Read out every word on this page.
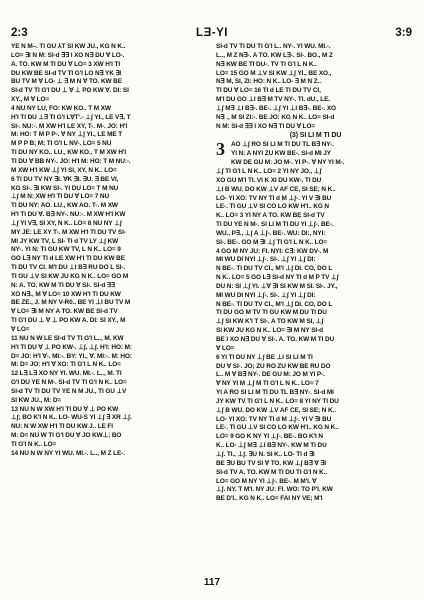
2:3	LƎ-YI	3:9
YE N M–. TI GU ⅄T SI KW JU., KG N K..
LO= ∃I N M: SI-d ∃∃ I XO N∃ DU ∀ LO-.
A. TO. KW M TI DU ∀ LO= 3 XW H'I TI
DU KW BE SI-d TV TI G'I LO N∃ YK ∃I
BU TV M ∀ LO- ⊥ ∃ M N ∀ TO. KW BE
SI-d TV TI G'I DU ⊥ ∀ ⊥ PO KW ∀. DI: SI
XY., M ∀ LO=
4 NU NY LU, FO: KW KO.. T M XW
H'I TI DU ⊥∃ TI G'I L∀T'.- ⊥ʃ YI., LE V∃, T
SI-. NU:-. M XW H'I LE XY, T-. M-. JO: H'I
M: HO: T M P P-. ∀ NY ⊥ʃ YI., LE ME T
M P P B; M; TI G'I L NV-. LO= 5 NU
TI DU NY KO.. LU., KW KO.. T M XW H'I
TI DU ∀ BB NY-. JO: H'I M: HO: T M NU:-.
M XW H'I KW ⊥ʃ YI SI, XY, N K.. LO=
6 TI DU TV NY ∃I. ∀K ∃I. ∃U. ∃ BE VI,
KG SI-. ∃I KW SI-. YI DU LO= T M NU
⊥ʃ M N: XW H'I TI DU ∀ LO= 7 NU
TI DU NY: AO. LU., KW AO. T-. M XW
H'I TI DU ∀. B∃ NY-. NU:-. M XW H'I KW
⊥ʃ YI V∃, SI XY, N K.. LO= 8 NU NY ⊥ʃ
MY JE: LE XY T-. M XW H'I TI DU TV SI-
MI JY KW TV, L SI- TI d TV LY ⊥ʃ KW
NY-. YI N: TI GU KW TV, L N K.. LO= 9
GO L∃ NY TI d LE XW H'I TI DU KW BE
TI DU TV CI. M'I DU ⊥I B∃ RU DO L SI-.
TI GU ⊥V SI KW JU KG N K.. LO= GO M
N: A. TO. KW M TI DU ∀ SI-. SI-d ∃∃
XO N∃., M ∀ LO= 10 XW H'I TI DU KW
BE ZE., J. M NY V-R0.. BE YI ⊥I BU TV M
∀ LO= ∃I M NY A TO. KW BE SI-d TV
TI G'I DU ⊥ ∀ ⊥ PO KW A. DI: SI XY., M
∀ LO=
11 NU N W LE SI-d TV TI G'I L.., M. KW
H'I TI DU ∀ ⊥ PO KW-. ⊥ʃ, ⊥ʃ. H'I: HO: M:
D= JO: H'I ∀-. MI:-. BY: YI., ∀. MI:-. M: HO:
M: D= JO: H'I ∀ XO: TI G'I L N K.. LO=
12 L∃ L∃ XO NY YI. WU. MI.-. L.., M. TI
G'I DU YE N M-. SI-d TV TI G'I N K.. LO=
SI-d TV TI DU TV YE N M JU., TI GU ⊥V
SI KW JU., M: D=
13 NU N W XW H'I TI DU ∀ ⊥ PO KW
⊥ʃ; BO K'I N K.. LO- WU-S YI ⊥ʃ ∃ XR ⊥ʃ.
NU: N W XW H'I TI DU KW J.. LE FI
M: D= NU W TI G'I DU ∀ JO KW⊥; BO
TI G'I N K.. LO=
14 NU N W NY YI WU. MI.-. L.., M Z LE-.
SI-d TV TI DU TI G'I L.. NY-. YI WU. MI.-.
L.., M Z N∃-. A TO. KW L∃-. SI-. BO., M Z
N∃ KW BE TI DU-. TV TI G'I L N K..
LO= 15 GO M ⊥V SI KW ⊥ʃ YI., BE XO.,
N∃ M, SI, ZI: HO: N K.. LO- ∃ M N Z..
TI DU ∀ LO= 16 TI d LE TI DU TV CI,
M'I DU GO ⊥I B∃ M TV NY-. TI. dU., LE.
⊥ʃ M∃ ⊥I B∃-. BE-. ⊥ʃ YI ⊥I B∃-. BE-. XO
N∃ ., M SI ZI:-. BE JO: KG N K.. LO= SI-d
N M: SI-d ∃∃ I XO N∃ TI DU ∀ LO=
(3) SI LI M TI DU
3 AO ⊥ʃ RO SI LI M TI DU TL B∃ NY-.
YI N: A NYI ZU KW BE-. SI-d MI JY
KW DE GU M: JO M-. YI P-. ∀ NY YI M-.
⊥ʃ TI G'I L N K.. LO= 2 YI NY JO., ⊥ʃ
XO GU M'I TI. VI K XI DU KW-. TI DU
⊥I B WU. DO KW ⊥V AF CE, SI SE; N K..
LO- YI XO: TV NY TI d M ⊥ʃ-. YI V ∃I BU
LE-. TI GU ⊥V SI CO LO KW H'I.. KG N
K.. LO= 3 YI NY A TO. KW BE SI-d TV
TI DU YE N M-. SI LI M TI DU YI ⊥ʃ-. BE-.
WU., P∃., ⊥ʃ A ⊥ʃ-. BE-. WU: DI:, NYI:
SI-. BE-. GO M ∃I ⊥ʃ TI G'I L N K.. LO=
4 GO M NY JU: FI. NYI: C∃: KW DV-. M
MI WU DI NYI ⊥ʃ-. SI-. ⊥ʃ YI ⊥ʃ DI:
N BE-. TI DU TV CI., M'I ⊥ʃ DI. CO, DO L
N K.. LO= 5 GO L∃ SI-d NY TI d M P TV ⊥ʃ
DU N: SI ⊥ʃ YI. ⊥∀ ∃I SI KW M SI. SI-. JY.,
MI WU DI NYI ⊥ʃ-. SI-. ⊥ʃ YI ⊥ʃ DI:
N BE-. TI DU TV CI., M'I ⊥ʃ DI. CO, DO L
TI DU GO M TV TI GU KW M DU TI DU
⊥ʃ SI KW K'I T SI-. A TO KW M SI, ⊥ʃ
SI KW JU KG N K.. LO= ∃I M NY SI-d
BE I XO N∃ DU ∀ SI-. A. TO. KW M TI DU
∀ LO=
6 YI TI DU NY ⊥ʃ BE ⊥I SI LI M TI
DU ∀ SI-. JO; ZU RO ZU KW BE RU DO
L.. M ∀ B∃ NY-. DE GU M: JO M YI P-.
∀ NY YI M ⊥ʃ M TI G'I L N K.. LO= 7
YI A RO SI LI M TI DU TL B∃ NY-. SI-d MI
JY KW TV TI G'I L N K.. LO= 8 YI NY TI DU
⊥ʃ B WU. DO KW ⊥V AF CE, SI SE; N K..
LO- YI XO: TV NY TI d M ⊥ʃ-. YI V ∃I BU
LE-. TI GU ⊥V SI CO LO KW H'I.. KG N K..
LO= 9 GO K NY YI ⊥ʃ-. BE-. BO K'I N
K.. LO- ⊥ʃ M∃ ⊥I B∃ NY-. KW M TI DU
⊥ʃ. TI., ⊥ʃ. ∃U N. SI K.. LO- TI d ∃I
BE ∃U BU TV SI ∀ TO. KW ⊥ʃ B∃ ∀ ∃I
SI-d TV A. TO. KW M TI DU TI G'I N K..
LO= GO M NY YI ⊥ʃ-. BE-. M M'I. ∀
⊥ʃ. NY. T M'I. NY JU: FI. WO: TO P'I. KW
BE D'I.. KG N K.. LO= FAI NY VE; M'I
117
